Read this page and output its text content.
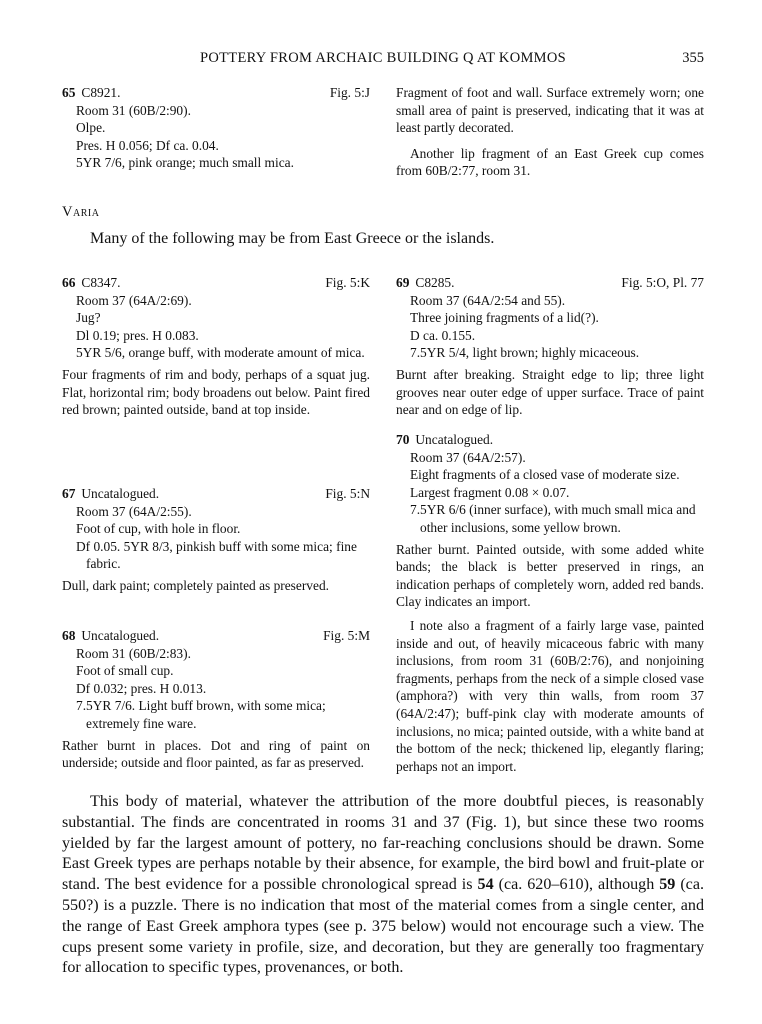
POTTERY FROM ARCHAIC BUILDING Q AT KOMMOS	355
65 C8921.	Fig. 5:J
Room 31 (60B/2:90).
Olpe.
Pres. H 0.056; Df ca. 0.04.
5YR 7/6, pink orange; much small mica.

Fragment of foot and wall. Surface extremely worn; one small area of paint is preserved, indicating that it was at least partly decorated.

Another lip fragment of an East Greek cup comes from 60B/2:77, room 31.

Varia
Many of the following may be from East Greece or the islands.
66 C8347.	Fig. 5:K
Room 37 (64A/2:69).
Jug?
Dl 0.19; pres. H 0.083.
5YR 5/6, orange buff, with moderate amount of mica.

Four fragments of rim and body, perhaps of a squat jug. Flat, horizontal rim; body broadens out below. Paint fired red brown; painted outside, band at top inside.

67 Uncatalogued.	Fig. 5:N
Room 37 (64A/2:55).
Foot of cup, with hole in floor.
Df 0.05. 5YR 8/3, pinkish buff with some mica; fine fabric.

Dull, dark paint; completely painted as preserved.

68 Uncatalogued.	Fig. 5:M
Room 31 (60B/2:83).
Foot of small cup.
Df 0.032; pres. H 0.013.
7.5YR 7/6. Light buff brown, with some mica; extremely fine ware.

Rather burnt in places. Dot and ring of paint on underside; outside and floor painted, as far as preserved.

69 C8285.	Fig. 5:O, Pl. 77
Room 37 (64A/2:54 and 55).
Three joining fragments of a lid(?).
D ca. 0.155.
7.5YR 5/4, light brown; highly micaceous.

Burnt after breaking. Straight edge to lip; three light grooves near outer edge of upper surface. Trace of paint near and on edge of lip.

70 Uncatalogued.
Room 37 (64A/2:57).
Eight fragments of a closed vase of moderate size.
Largest fragment 0.08 × 0.07.
7.5YR 6/6 (inner surface), with much small mica and other inclusions, some yellow brown.

Rather burnt. Painted outside, with some added white bands; the black is better preserved in rings, an indication perhaps of completely worn, added red bands. Clay indicates an import.

I note also a fragment of a fairly large vase, painted inside and out, of heavily micaceous fabric with many inclusions, from room 31 (60B/2:76), and nonjoining fragments, perhaps from the neck of a simple closed vase (amphora?) with very thin walls, from room 37 (64A/2:47); buff-pink clay with moderate amounts of inclusions, no mica; painted outside, with a white band at the bottom of the neck; thickened lip, elegantly flaring; perhaps not an import.

This body of material, whatever the attribution of the more doubtful pieces, is reasonably substantial. The finds are concentrated in rooms 31 and 37 (Fig. 1), but since these two rooms yielded by far the largest amount of pottery, no far-reaching conclusions should be drawn. Some East Greek types are perhaps notable by their absence, for example, the bird bowl and fruit-plate or stand. The best evidence for a possible chronological spread is 54 (ca. 620–610), although 59 (ca. 550?) is a puzzle. There is no indication that most of the material comes from a single center, and the range of East Greek amphora types (see p. 375 below) would not encourage such a view. The cups present some variety in profile, size, and decoration, but they are generally too fragmentary for allocation to specific types, provenances, or both.
